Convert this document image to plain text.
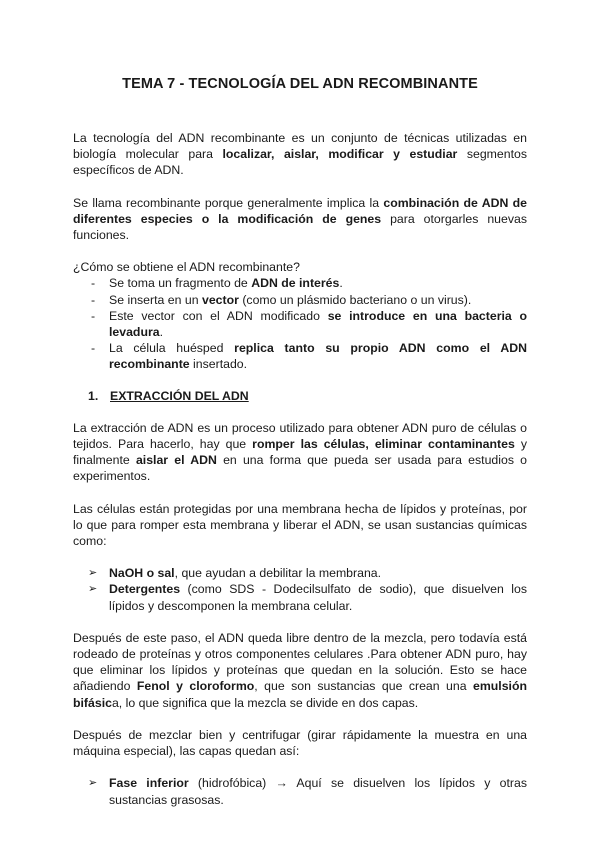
TEMA 7 - TECNOLOGÍA DEL ADN RECOMBINANTE

La tecnología del ADN recombinante es un conjunto de técnicas utilizadas en biología molecular para localizar, aislar, modificar y estudiar segmentos específicos de ADN.

Se llama recombinante porque generalmente implica la combinación de ADN de diferentes especies o la modificación de genes para otorgarles nuevas funciones.

¿Cómo se obtiene el ADN recombinante?

- Se toma un fragmento de ADN de interés.
- Se inserta en un vector (como un plásmido bacteriano o un virus).
- Este vector con el ADN modificado se introduce en una bacteria o levadura.
- La célula huésped replica tanto su propio ADN como el ADN recombinante insertado.
1. EXTRACCIÓN DEL ADN

La extracción de ADN es un proceso utilizado para obtener ADN puro de células o tejidos. Para hacerlo, hay que romper las células, eliminar contaminantes y finalmente aislar el ADN en una forma que pueda ser usada para estudios o experimentos.

Las células están protegidas por una membrana hecha de lípidos y proteínas, por lo que para romper esta membrana y liberar el ADN, se usan sustancias químicas como:

➢ NaOH o sal, que ayudan a debilitar la membrana.
➢ Detergentes (como SDS - Dodecilsulfato de sodio), que disuelven los lípidos y descomponen la membrana celular.

Después de este paso, el ADN queda libre dentro de la mezcla, pero todavía está rodeado de proteínas y otros componentes celulares .Para obtener ADN puro, hay que eliminar los lípidos y proteínas que quedan en la solución. Esto se hace añadiendo Fenol y cloroformo, que son sustancias que crean una emulsión bifásica, lo que significa que la mezcla se divide en dos capas.

Después de mezclar bien y centrifugar (girar rápidamente la muestra en una máquina especial), las capas quedan así:

➢ Fase inferior (hidrofóbica) → Aquí se disuelven los lípidos y otras sustancias grasosas.
